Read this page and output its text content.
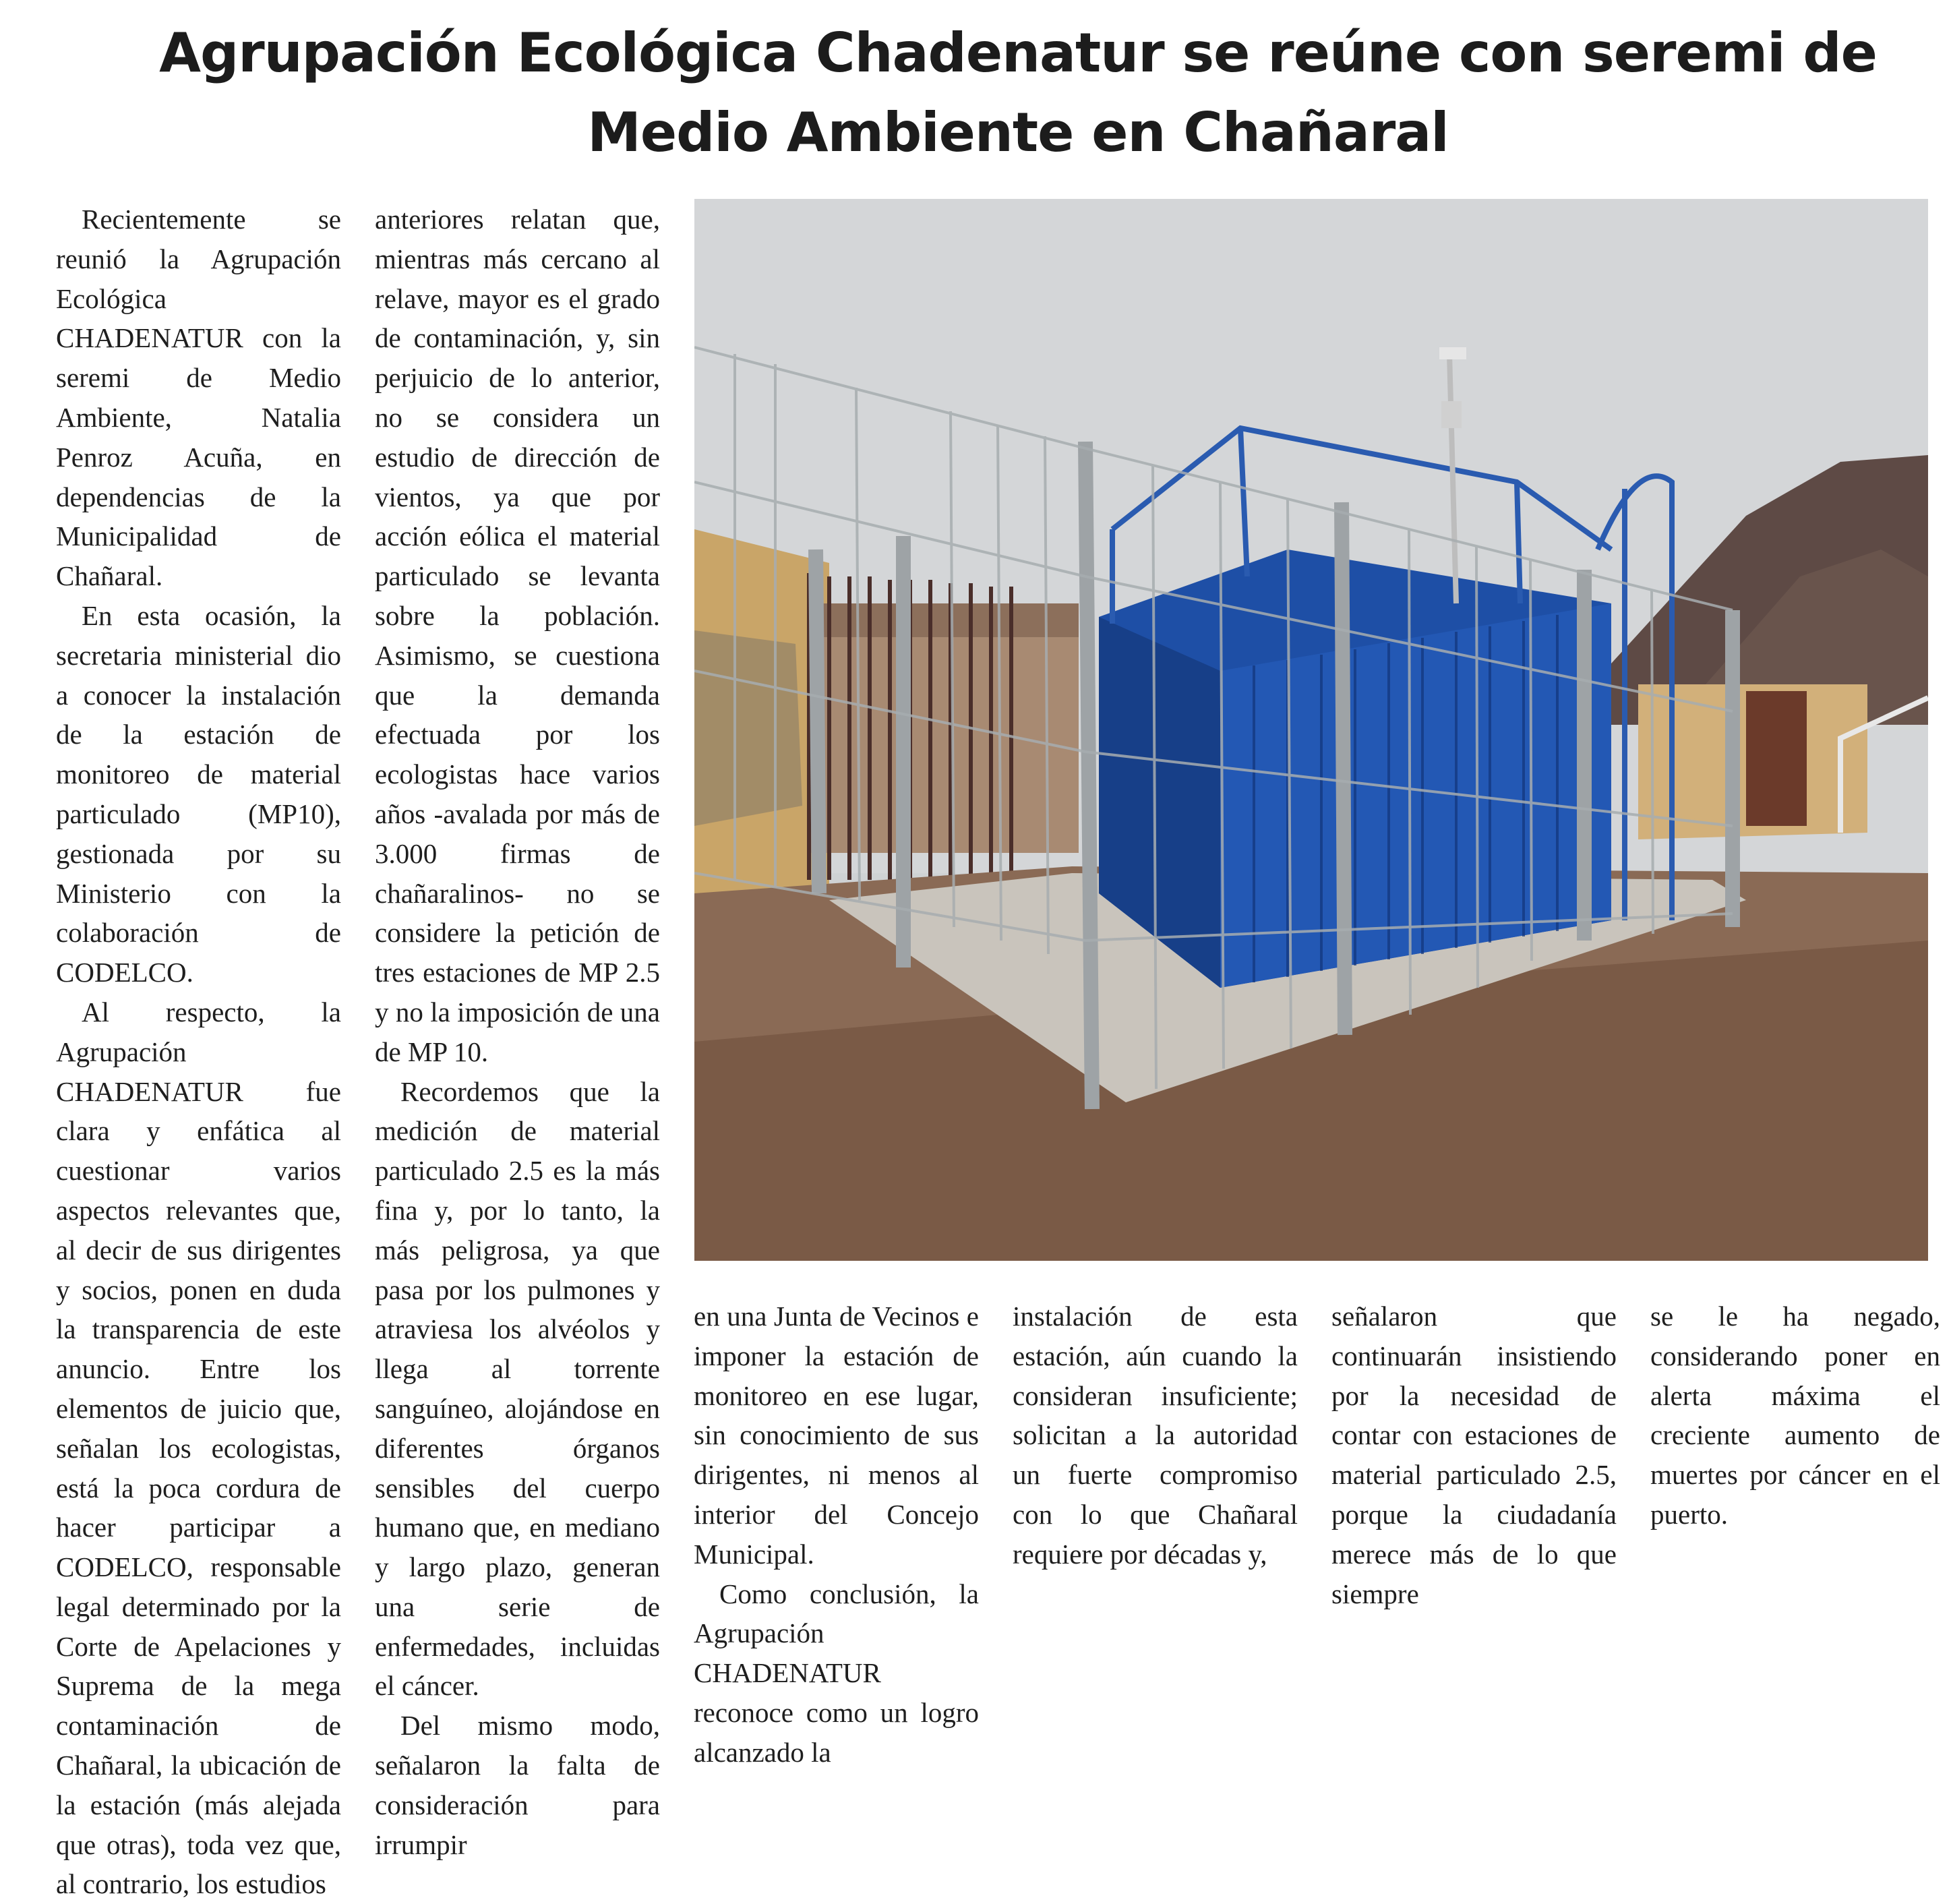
Agrupación Ecológica Chadenatur se reúne con seremi de Medio Ambiente en Chañaral

Recientemente se reunió la Agrupación Ecológica CHADENATUR con la seremi de Medio Ambiente, Natalia Penroz Acuña, en dependencias de la Municipalidad de Chañaral.

En esta ocasión, la secretaria ministerial dio a conocer la instalación de la estación de monitoreo de material particulado (MP10), gestionada por su Ministerio con la colaboración de CODELCO.

Al respecto, la Agrupación CHADENATUR fue clara y enfática al cuestionar varios aspectos relevantes que, al decir de sus dirigentes y socios, ponen en duda la transparencia de este anuncio. Entre los elementos de juicio que, señalan los ecologistas, está la poca cordura de hacer participar a CODELCO, responsable legal determinado por la Corte de Apelaciones y Suprema de la mega contaminación de Chañaral, la ubicación de la estación (más alejada que otras), toda vez que, al contrario, los estudios

anteriores relatan que, mientras más cercano al relave, mayor es el grado de contaminación, y, sin perjuicio de lo anterior, no se considera un estudio de dirección de vientos, ya que por acción eólica el material particulado se levanta sobre la población. Asimismo, se cuestiona que la demanda efectuada por los ecologistas hace varios años -avalada por más de 3.000 firmas de chañaralinos- no se considere la petición de tres estaciones de MP 2.5 y no la imposición de una de MP 10.

Recordemos que la medición de material particulado 2.5 es la más fina y, por lo tanto, la más peligrosa, ya que pasa por los pulmones y atraviesa los alvéolos y llega al torrente sanguíneo, alojándose en diferentes órganos sensibles del cuerpo humano que, en mediano y largo plazo, generan una serie de enfermedades, incluidas el cáncer.

Del mismo modo, señalaron la falta de consideración para irrumpir

en una Junta de Vecinos e imponer la estación de monitoreo en ese lugar, sin conocimiento de sus dirigentes, ni menos al interior del Concejo Municipal.

Como conclusión, la Agrupación CHADENATUR reconoce como un logro alcanzado la

instalación de esta estación, aún cuando la consideran insuficiente; solicitan a la autoridad un fuerte compromiso con lo que Chañaral requiere por décadas y,

señalaron que continuarán insistiendo por la necesidad de contar con estaciones de material particulado 2.5, porque la ciudadanía merece más de lo que siempre

se le ha negado, considerando poner en alerta máxima el creciente aumento de muertes por cáncer en el puerto.
